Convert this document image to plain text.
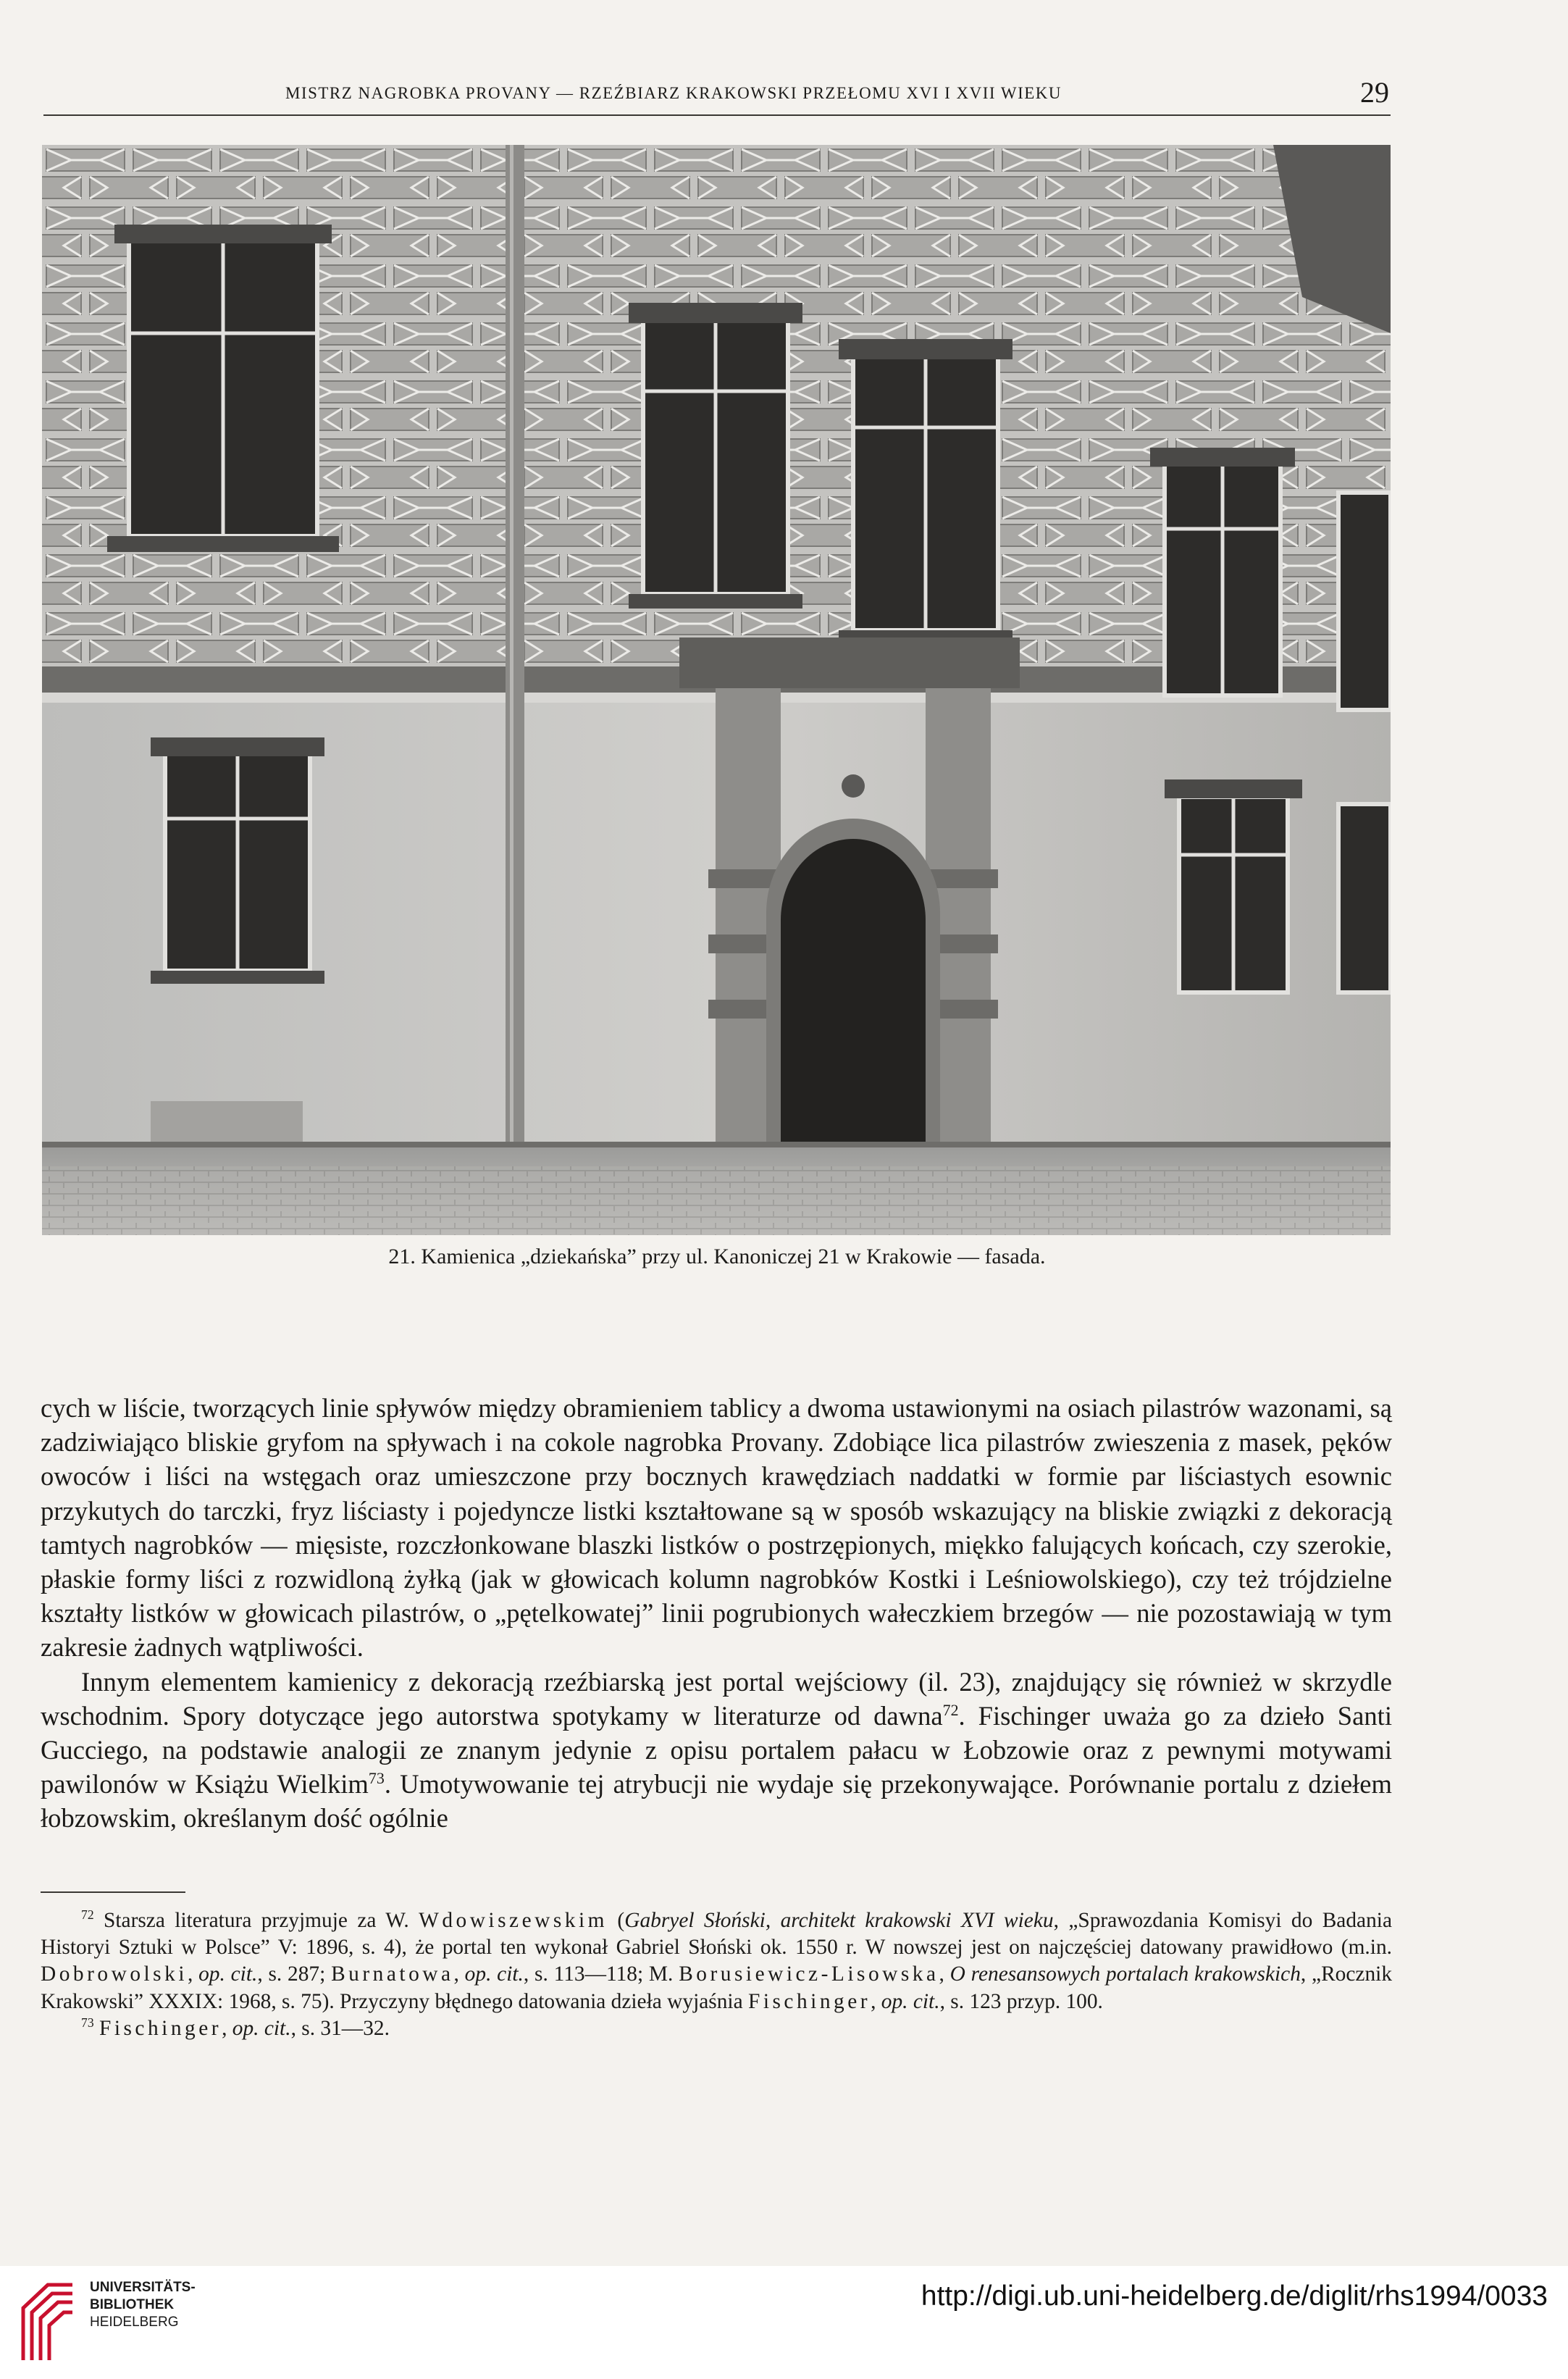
MISTRZ NAGROBKA PROVANY — RZEŹBIARZ KRAKOWSKI PRZEŁOMU XVI I XVII WIEKU	29
21. Kamienica „dziekańska” przy ul. Kanoniczej 21 w Krakowie — fasada.

cych w liście, tworzących linie spływów między obramieniem tablicy a dwoma ustawionymi na osiach pilastrów wazonami, są zadziwiająco bliskie gryfom na spływach i na cokole nagrobka Provany. Zdobiące lica pilastrów zwieszenia z masek, pęków owoców i liści na wstęgach oraz umieszczone przy bocznych krawędziach naddatki w formie par liściastych esownic przykutych do tarczki, fryz liściasty i pojedyncze listki kształtowane są w sposób wskazujący na bliskie związki z dekoracją tamtych nagrobków — mięsiste, rozczłonkowane blaszki listków o postrzępionych, miękko falujących końcach, czy szerokie, płaskie formy liści z rozwidloną żyłką (jak w głowicach kolumn nagrobków Kostki i Leśniowolskiego), czy też trójdzielne kształty listków w głowicach pilastrów, o „pętelkowatej” linii pogrubionych wałeczkiem brzegów — nie pozostawiają w tym zakresie żadnych wątpliwości.

Innym elementem kamienicy z dekoracją rzeźbiarską jest portal wejściowy (il. 23), znajdujący się również w skrzydle wschodnim. Spory dotyczące jego autorstwa spotykamy w literaturze od dawna$^{72}$. Fischinger uważa go za dzieło Santi Gucciego, na podstawie analogii ze znanym jedynie z opisu portalem pałacu w Łobzowie oraz z pewnymi motywami pawilonów w Książu Wielkim$^{73}$. Umotywowanie tej atrybucji nie wydaje się przekonywające. Porównanie portalu z dziełem łobzowskim, określanym dość ogólnie

$^{72}$ Starsza literatura przyjmuje za W. Wdowiszewskim (Gabryel Słoński, architekt krakowski XVI wieku, „Sprawozdania Komisyi do Badania Historyi Sztuki w Polsce” V: 1896, s. 4), że portal ten wykonał Gabriel Słoński ok. 1550 r. W nowszej jest on najczęściej datowany prawidłowo (m.in. Dobrowolski, op. cit., s. 287; Burnatowa, op. cit., s. 113—118; M. Borusiewicz-Lisowska, O renesansowych portalach krakowskich, „Rocznik Krakowski” XXXIX: 1968, s. 75). Przyczyny błędnego datowania dzieła wyjaśnia Fischinger, op. cit., s. 123 przyp. 100.

$^{73}$ Fischinger, op. cit., s. 31—32.

UNIVERSITÄTS-
BIBLIOTHEK
HEIDELBERG
http://digi.ub.uni-heidelberg.de/diglit/rhs1994/0033
